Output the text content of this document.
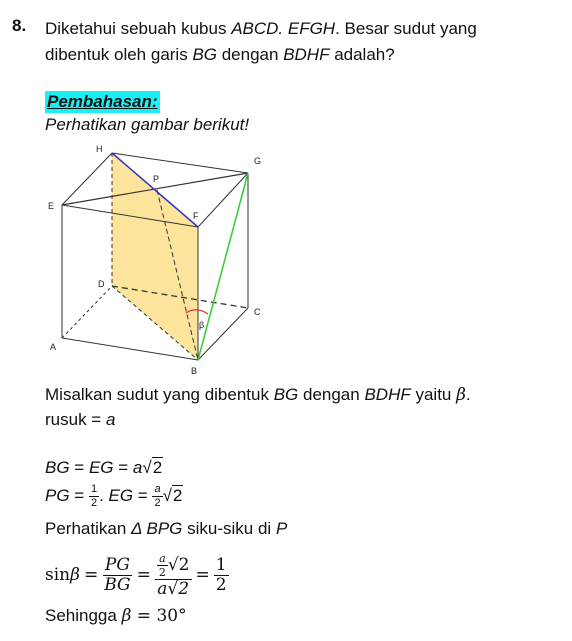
8. Diketahui sebuah kubus ABCD. EFGH. Besar sudut yang dibentuk oleh garis BG dengan BDHF adalah?
Pembahasan:
Perhatikan gambar berikut!
H
G
P
E
F
D
C
A
B
β
Misalkan sudut yang dibentuk BG dengan BDHF yaitu β.
rusuk = a
BG = EG = a√2
PG = $\frac{1}{2}$ . EG = $\frac{a}{2} √2$
Perhatikan Δ BPG siku-siku di P
$\sin \beta = \frac{PG}{BG} = \frac{\frac{a}{2} √2}{a√2} = \frac{1}{2}$
Sehingga β = 30°
